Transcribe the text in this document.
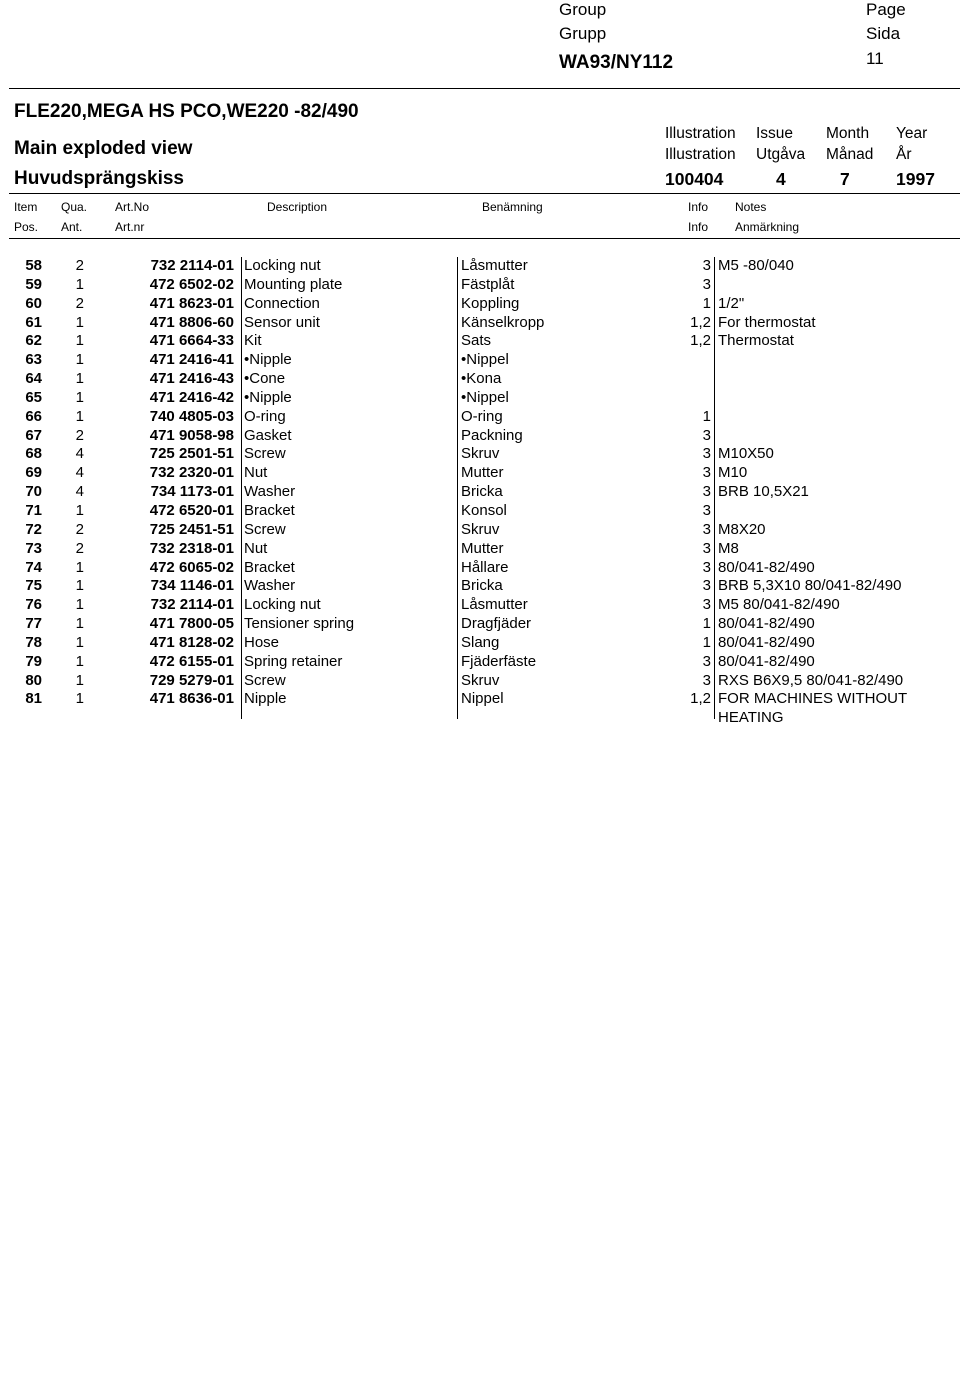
Group
Grupp
WA93/NY112
Page
Sida
11
FLE220,MEGA HS PCO,WE220 -82/490
Main exploded view
Huvudsprängskiss
Illustration Issue Month Year
Illustration Utgåva Månad År
100404	4	7	1997
Item Qua. Art.No	Description	Benämning	Info Notes
Pos. Ant.	Art.nr	Info Anmärkning
58	2	732 2114-01 Locking nut	Låsmutter	3 M5 -80/040
59	1	472 6502-02 Mounting plate	Fästplåt	3
60	2	471 8623-01 Connection	Koppling	1 1/2"
61	1	471 8806-60 Sensor unit	Känselkropp	1,2 For thermostat
62	1	471 6664-33 Kit	Sats	1,2 Thermostat
63	1	471 2416-41 •Nipple	•Nippel
64	1	471 2416-43 •Cone	•Kona
65	1	471 2416-42 •Nipple	•Nippel
66	1	740 4805-03 O-ring	O-ring	1
67	2	471 9058-98 Gasket	Packning	3
68	4	725 2501-51 Screw	Skruv	3 M10X50
69	4	732 2320-01 Nut	Mutter	3 M10
70	4	734 1173-01 Washer	Bricka	3 BRB 10,5X21
71	1	472 6520-01 Bracket	Konsol	3
72	2	725 2451-51 Screw	Skruv	3 M8X20
73	2	732 2318-01 Nut	Mutter	3 M8
74	1	472 6065-02 Bracket	Hållare	3 80/041-82/490
75	1	734 1146-01 Washer	Bricka	3 BRB 5,3X10 80/041-82/490
76	1	732 2114-01 Locking nut	Låsmutter	3 M5 80/041-82/490
77	1	471 7800-05 Tensioner spring	Dragfjäder	1 80/041-82/490
78	1	471 8128-02 Hose	Slang	1 80/041-82/490
79	1	472 6155-01 Spring retainer	Fjäderfäste	3 80/041-82/490
80	1	729 5279-01 Screw	Skruv	3 RXS B6X9,5 80/041-82/490
81	1	471 8636-01 Nipple	Nippel	1,2 FOR MACHINES WITHOUT
HEATING
